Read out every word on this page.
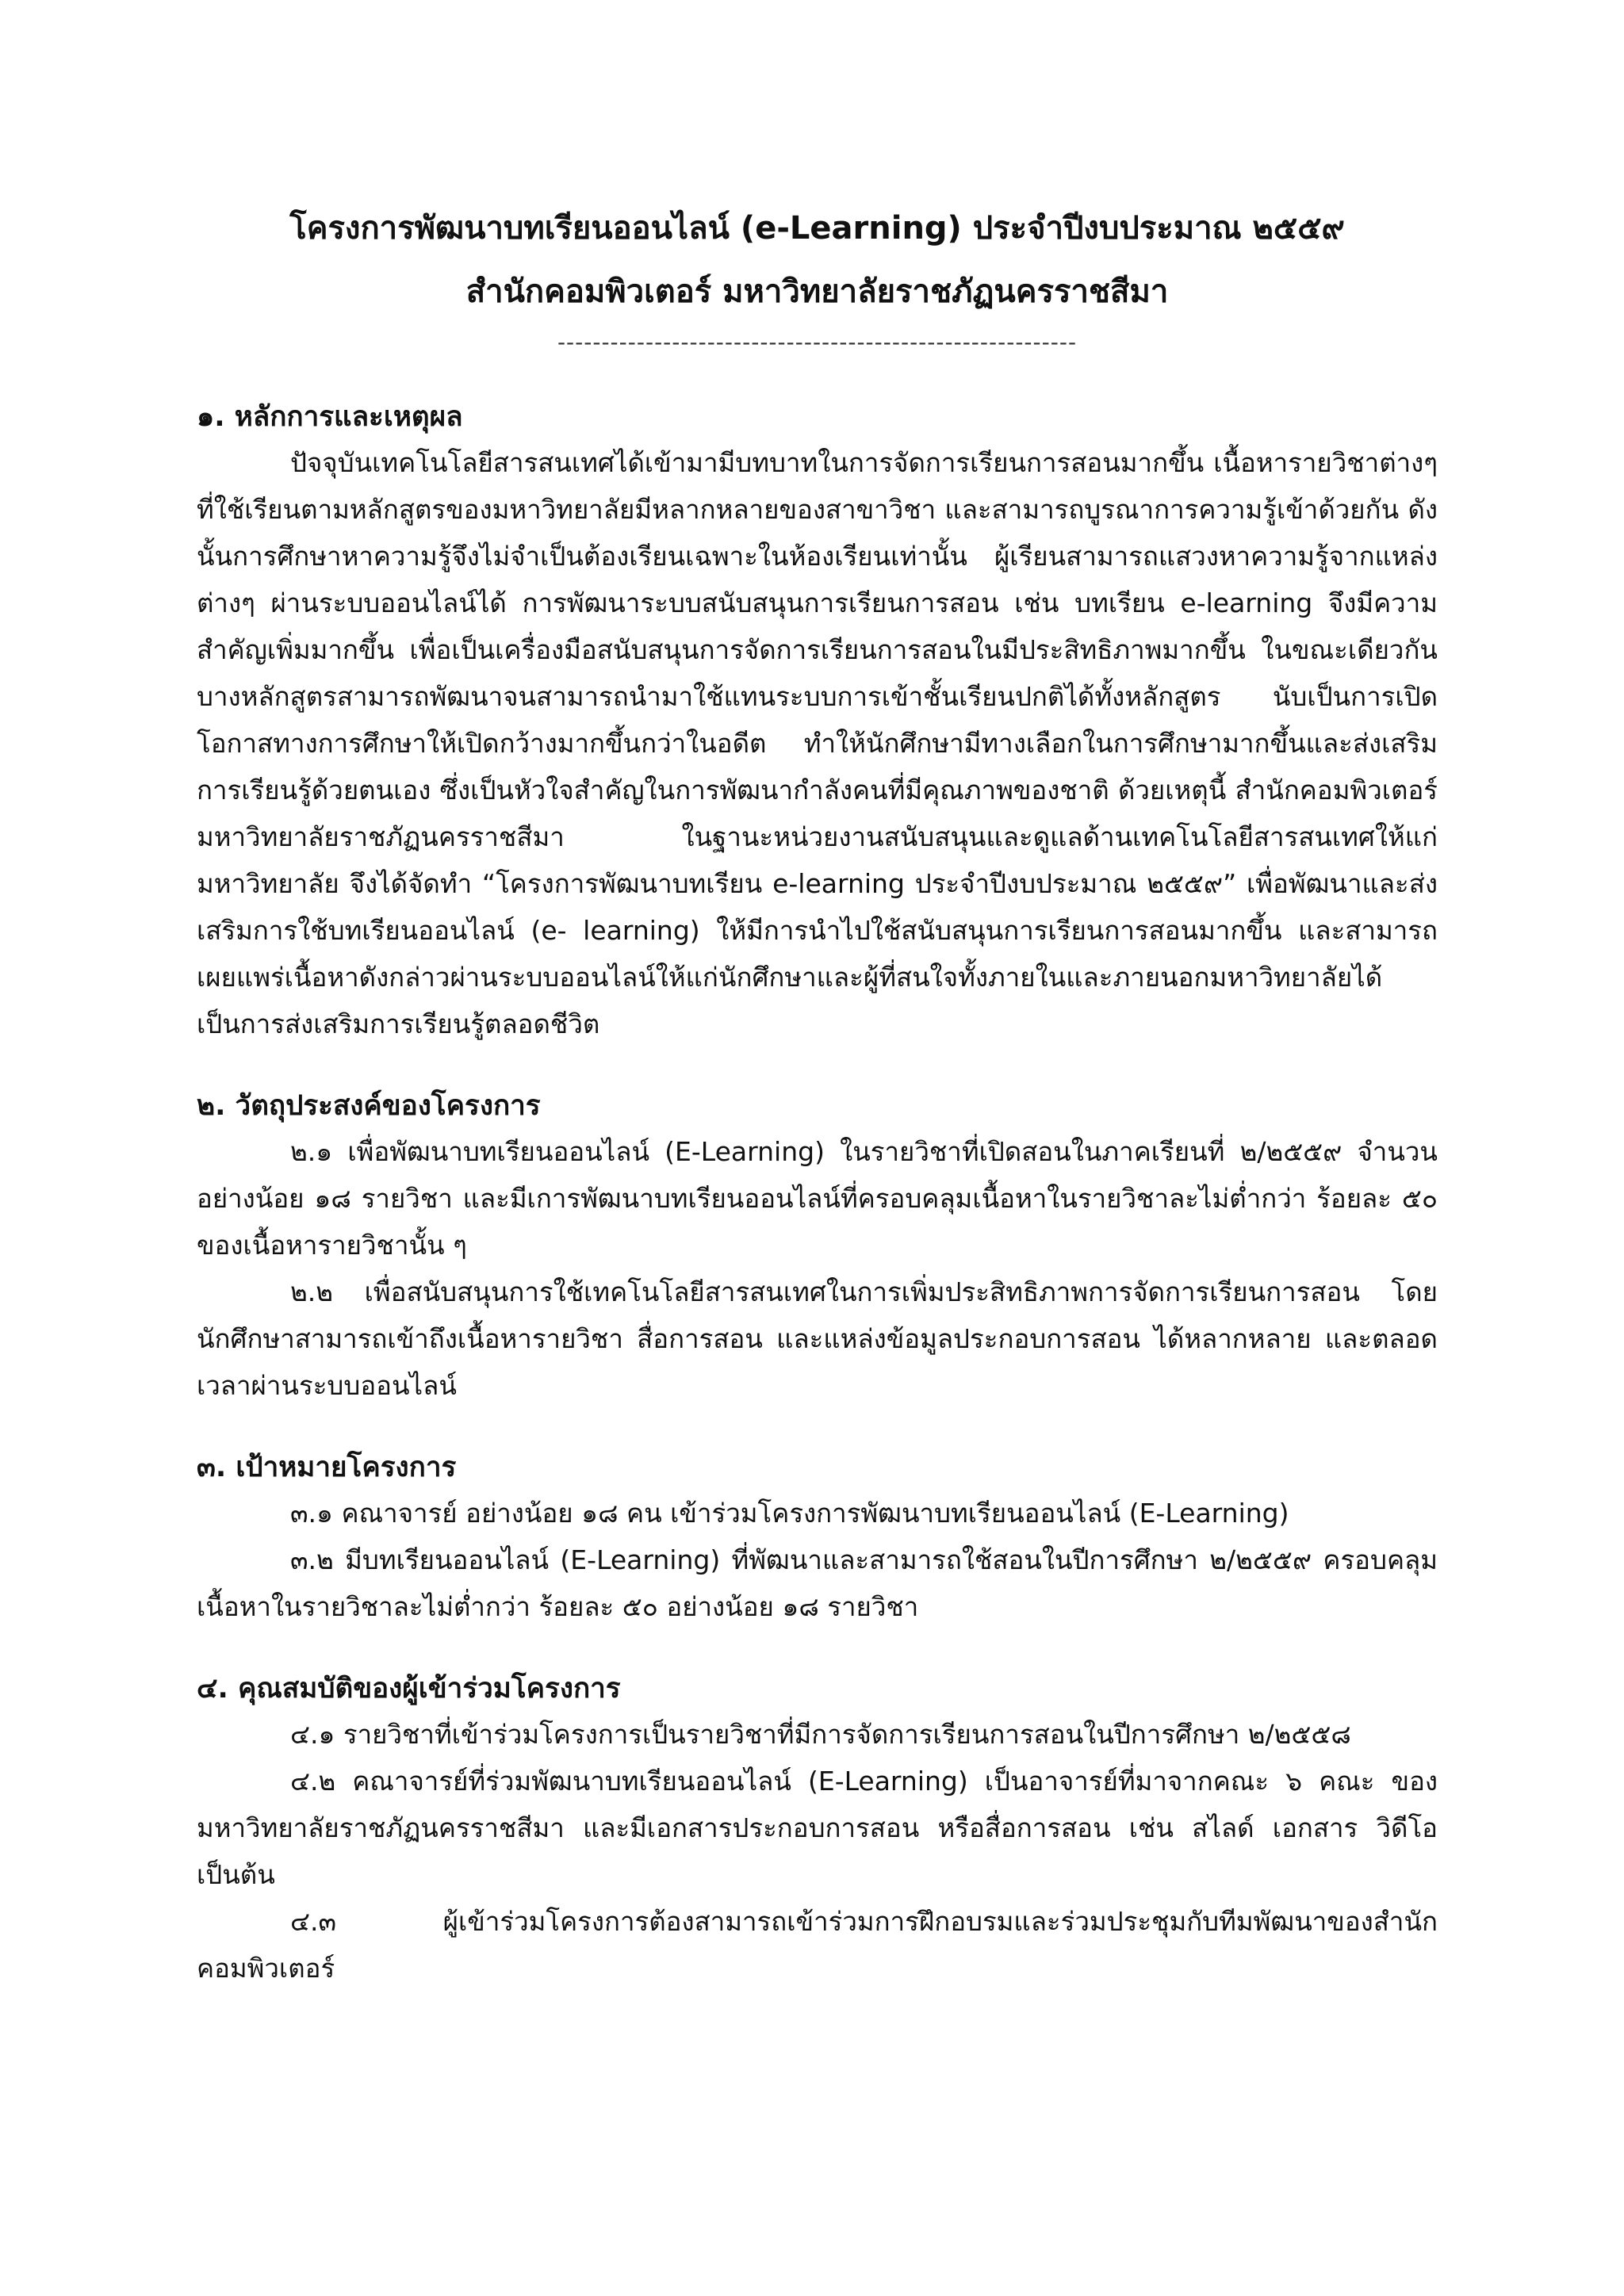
โครงการพัฒนาบทเรียนออนไลน์ (e-Learning) ประจำปีงบประมาณ ๒๕๕๙
สำนักคอมพิวเตอร์ มหาวิทยาลัยราชภัฏนครราชสีมา
-----------------------------------------------------------
๑. หลักการและเหตุผล

ปัจจุบันเทคโนโลยีสารสนเทศได้เข้ามามีบทบาทในการจัดการเรียนการสอนมากขึ้น เนื้อหารายวิชาต่างๆ ที่ใช้เรียนตามหลักสูตรของมหาวิทยาลัยมีหลากหลายของสาขาวิชา และสามารถบูรณาการความรู้เข้าด้วยกัน ดังนั้นการศึกษาหาความรู้จึงไม่จำเป็นต้องเรียนเฉพาะในห้องเรียนเท่านั้น ผู้เรียนสามารถแสวงหาความรู้จากแหล่งต่างๆ ผ่านระบบออนไลน์ได้ การพัฒนาระบบสนับสนุนการเรียนการสอน เช่น บทเรียน e-learning จึงมีความสำคัญเพิ่มมากขึ้น เพื่อเป็นเครื่องมือสนับสนุนการจัดการเรียนการสอนในมีประสิทธิภาพมากขึ้น ในขณะเดียวกันบางหลักสูตรสามารถพัฒนาจนสามารถนำมาใช้แทนระบบการเข้าชั้นเรียนปกติได้ทั้งหลักสูตร นับเป็นการเปิดโอกาสทางการศึกษาให้เปิดกว้างมากขึ้นกว่าในอดีต ทำให้นักศึกษามีทางเลือกในการศึกษามากขึ้นและส่งเสริมการเรียนรู้ด้วยตนเอง ซึ่งเป็นหัวใจสำคัญในการพัฒนากำลังคนที่มีคุณภาพของชาติ ด้วยเหตุนี้ สำนักคอมพิวเตอร์ มหาวิทยาลัยราชภัฏนครราชสีมา ในฐานะหน่วยงานสนับสนุนและดูแลด้านเทคโนโลยีสารสนเทศให้แก่มหาวิทยาลัย จึงได้จัดทำ “โครงการพัฒนาบทเรียน e-learning ประจำปีงบประมาณ ๒๕๕๙” เพื่อพัฒนาและส่งเสริมการใช้บทเรียนออนไลน์ (e- learning) ให้มีการนำไปใช้สนับสนุนการเรียนการสอนมากขึ้น และสามารถเผยแพร่เนื้อหาดังกล่าวผ่านระบบออนไลน์ให้แก่นักศึกษาและผู้ที่สนใจทั้งภายในและภายนอกมหาวิทยาลัยได้ เป็นการส่งเสริมการเรียนรู้ตลอดชีวิต

๒. วัตถุประสงค์ของโครงการ

๒.๑ เพื่อพัฒนาบทเรียนออนไลน์ (E-Learning) ในรายวิชาที่เปิดสอนในภาคเรียนที่ ๒/๒๕๕๙ จำนวนอย่างน้อย ๑๘ รายวิชา และมีเการพัฒนาบทเรียนออนไลน์ที่ครอบคลุมเนื้อหาในรายวิชาละไม่ต่ำกว่า ร้อยละ ๕๐ ของเนื้อหารายวิชานั้น ๆ

๒.๒ เพื่อสนับสนุนการใช้เทคโนโลยีสารสนเทศในการเพิ่มประสิทธิภาพการจัดการเรียนการสอน โดยนักศึกษาสามารถเข้าถึงเนื้อหารายวิชา สื่อการสอน และแหล่งข้อมูลประกอบการสอน ได้หลากหลาย และตลอดเวลาผ่านระบบออนไลน์

๓. เป้าหมายโครงการ

๓.๑ คณาจารย์ อย่างน้อย ๑๘ คน เข้าร่วมโครงการพัฒนาบทเรียนออนไลน์ (E-Learning)

๓.๒ มีบทเรียนออนไลน์ (E-Learning) ที่พัฒนาและสามารถใช้สอนในปีการศึกษา ๒/๒๕๕๙ ครอบคลุมเนื้อหาในรายวิชาละไม่ต่ำกว่า ร้อยละ ๕๐ อย่างน้อย ๑๘ รายวิชา

๔. คุณสมบัติของผู้เข้าร่วมโครงการ

๔.๑ รายวิชาที่เข้าร่วมโครงการเป็นรายวิชาที่มีการจัดการเรียนการสอนในปีการศึกษา ๒/๒๕๕๘

๔.๒ คณาจารย์ที่ร่วมพัฒนาบทเรียนออนไลน์ (E-Learning) เป็นอาจารย์ที่มาจากคณะ ๖ คณะ ของมหาวิทยาลัยราชภัฏนครราชสีมา และมีเอกสารประกอบการสอน หรือสื่อการสอน เช่น สไลด์ เอกสาร วิดีโอ เป็นต้น

๔.๓ ผู้เข้าร่วมโครงการต้องสามารถเข้าร่วมการฝึกอบรมและร่วมประชุมกับทีมพัฒนาของสำนักคอมพิวเตอร์
